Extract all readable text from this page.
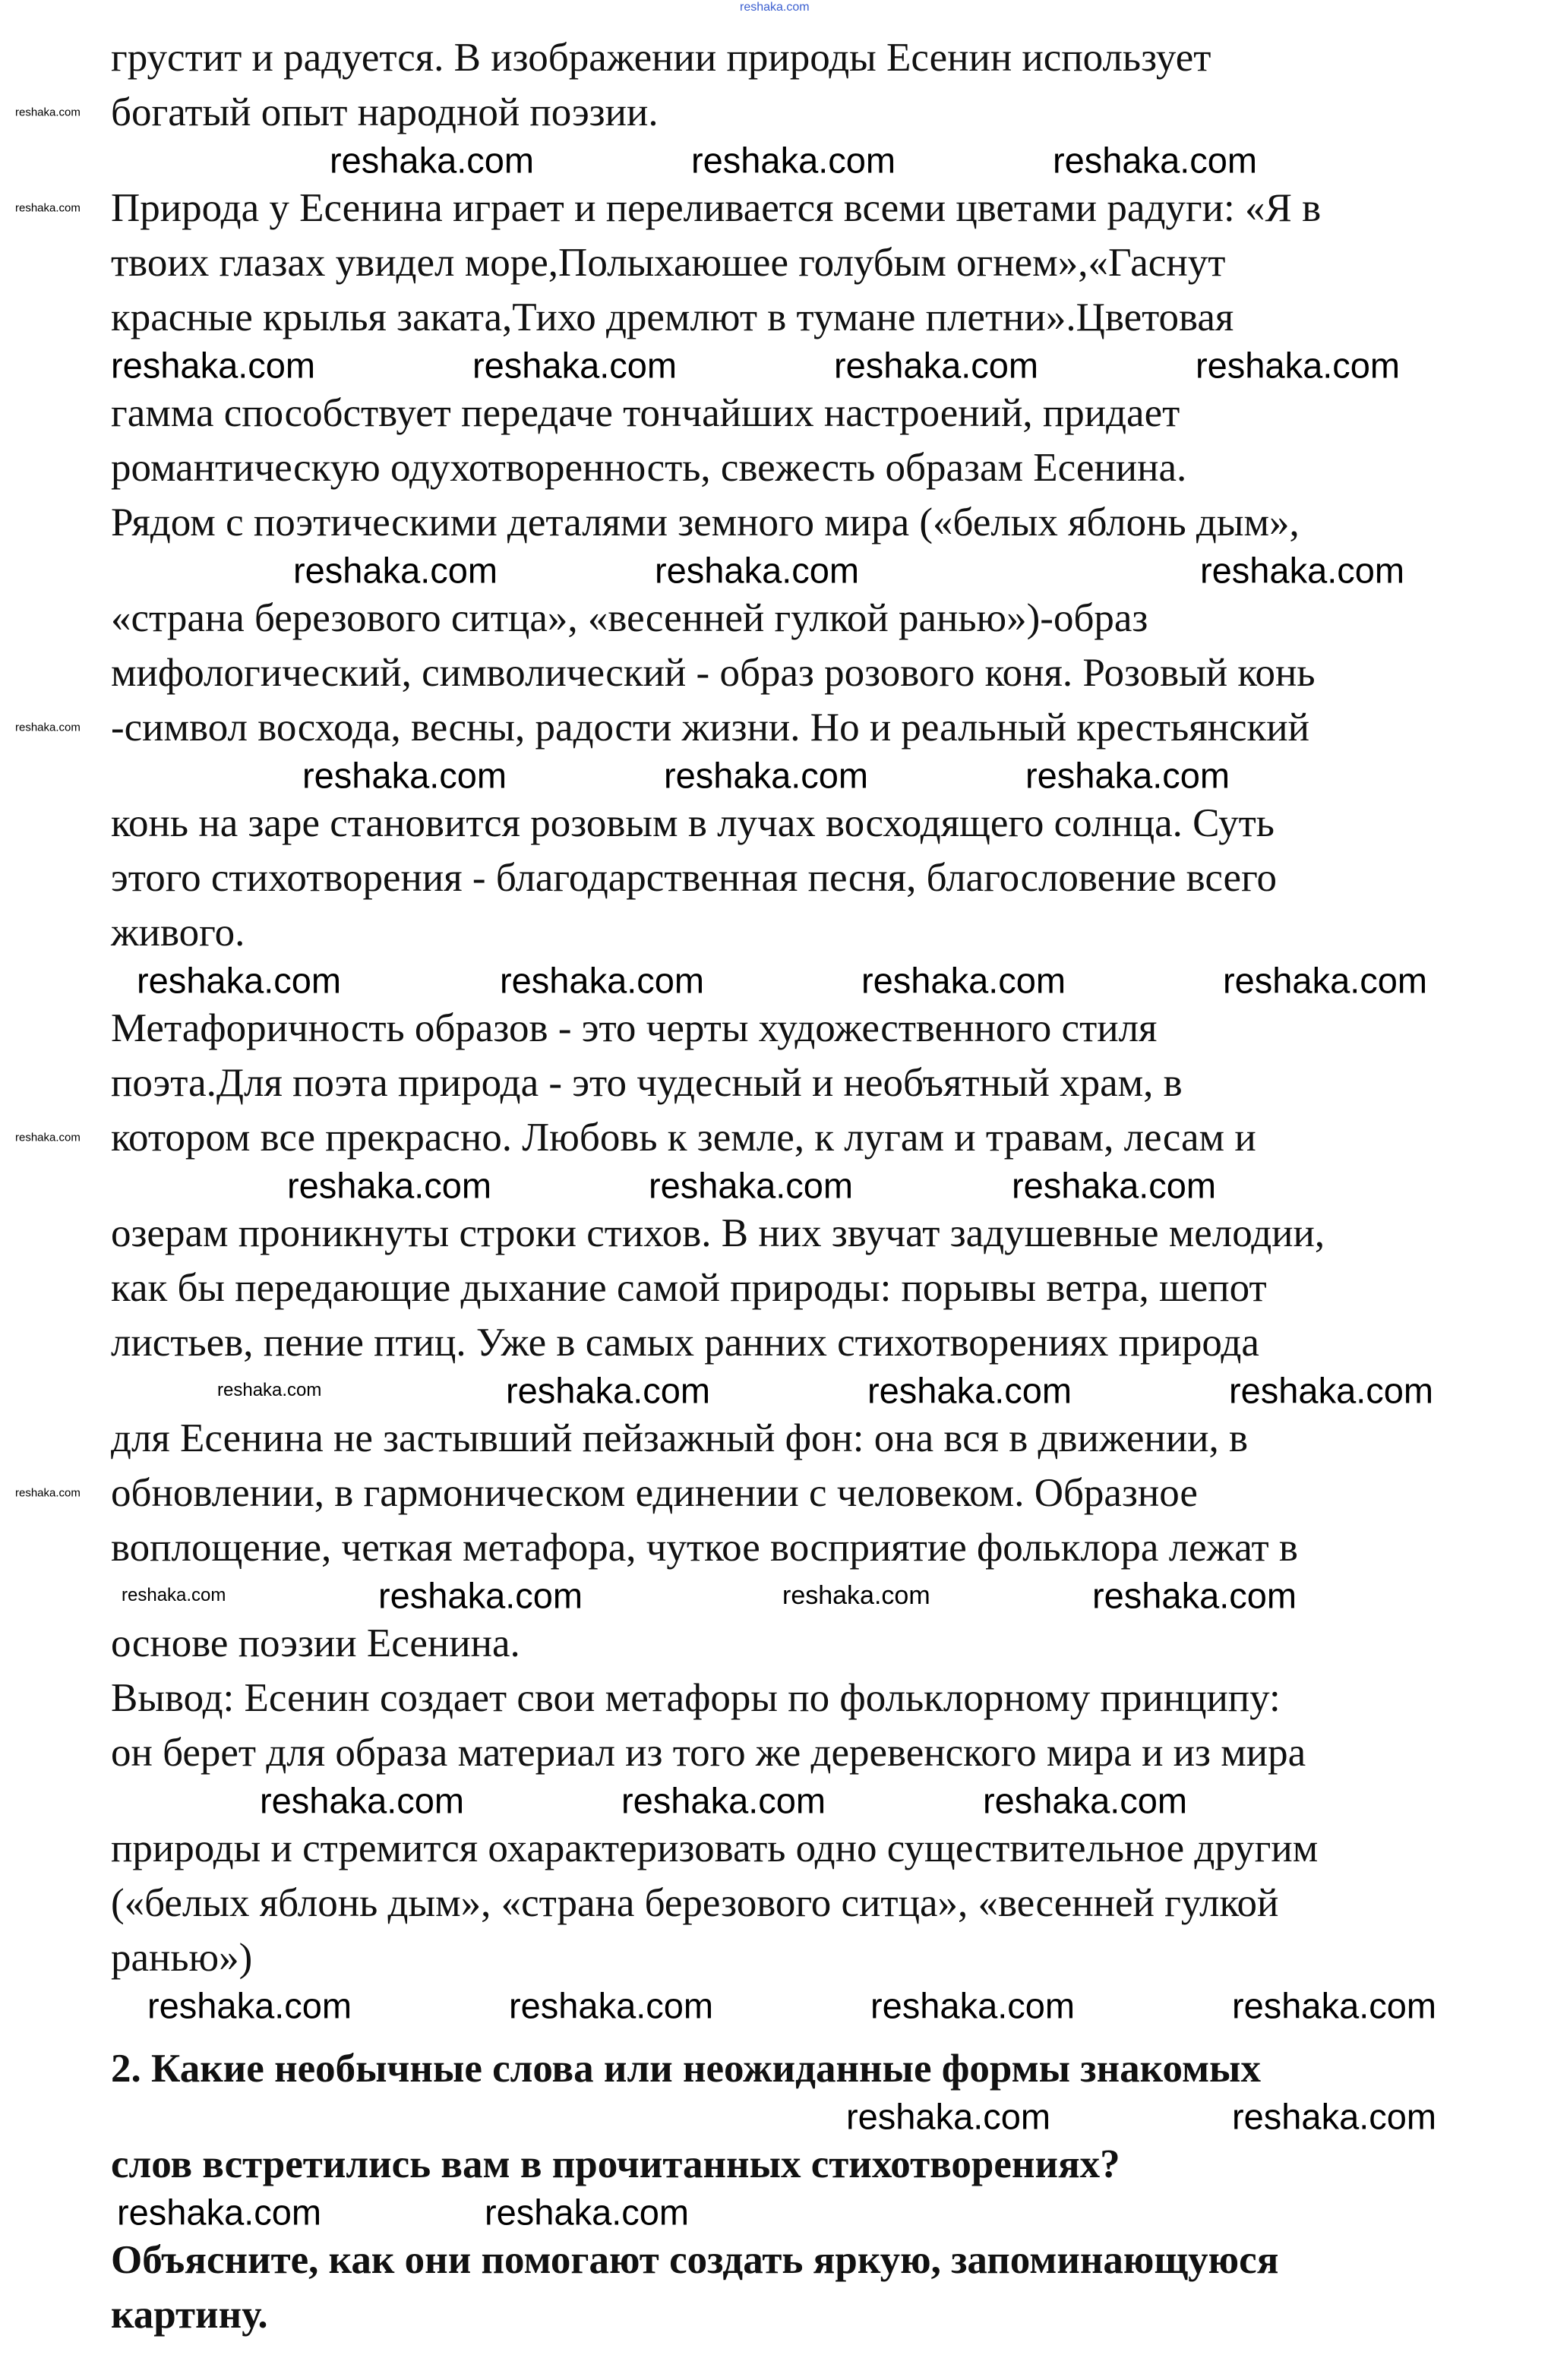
reshaka.com
грустит и радуется. В изображении природы Есенин использует
богатый опыт народной поэзии.
reshaka.com
reshaka.com	reshaka.com	reshaka.com
Природа у Есенина играет и переливается всеми цветами радуги: «Я в
reshaka.com
твоих глазах увидел море,Полыхаюшее голубым огнем»,«Гаснут
красные крылья заката,Тихо дремлют в тумане плетни».Цветовая
reshaka.com	reshaka.com	reshaka.com	reshaka.com
гамма способствует передаче тончайших настроений, придает
романтическую одухотворенность, свежесть образам Есенина.
Рядом с поэтическими деталями земного мира («белых яблонь дым»,
reshaka.com	reshaka.com	reshaka.com
«страна березового ситца», «весенней гулкой ранью»)-образ
мифологический, символический - образ розового коня. Розовый конь
-символ восхода, весны, радости жизни. Но и реальный крестьянский
reshaka.com
reshaka.com	reshaka.com	reshaka.com
конь на заре становится розовым в лучах восходящего солнца. Суть
этого стихотворения - благодарственная песня, благословение всего
живого.
reshaka.com	reshaka.com	reshaka.com	reshaka.com
Метафоричность образов - это черты художественного стиля
поэта.Для поэта природа - это чудесный и необъятный храм, в
котором все прекрасно. Любовь к земле, к лугам и травам, лесам и
reshaka.com
reshaka.com	reshaka.com	reshaka.com
озерам проникнуты строки стихов. В них звучат задушевные мелодии,
как бы передающие дыхание самой природы: порывы ветра, шепот
листьев, пение птиц. Уже в самых ранних стихотворениях природа
reshaka.com	reshaka.com	reshaka.com	reshaka.com
для Есенина не застывший пейзажный фон: она вся в движении, в
обновлении, в гармоническом единении с человеком. Образное
reshaka.com
воплощение, четкая метафора, чуткое восприятие фольклора лежат в
reshaka.com	reshaka.com	reshaka.com	reshaka.com
основе поэзии Есенина.
Вывод: Есенин создает свои метафоры по фольклорному принципу:
он берет для образа материал из того же деревенского мира и из мира
reshaka.com	reshaka.com	reshaka.com
природы и стремится охарактеризовать одно существительное другим
(«белых яблонь дым», «страна березового ситца», «весенней гулкой
ранью»)
reshaka.com	reshaka.com	reshaka.com	reshaka.com
2. Какие необычные слова или неожиданные формы знакомых
reshaka.com	reshaka.com
слов встретились вам в прочитанных стихотворениях?
reshaka.com	reshaka.com
Объясните, как они помогают создать яркую, запоминающуюся
картину.
